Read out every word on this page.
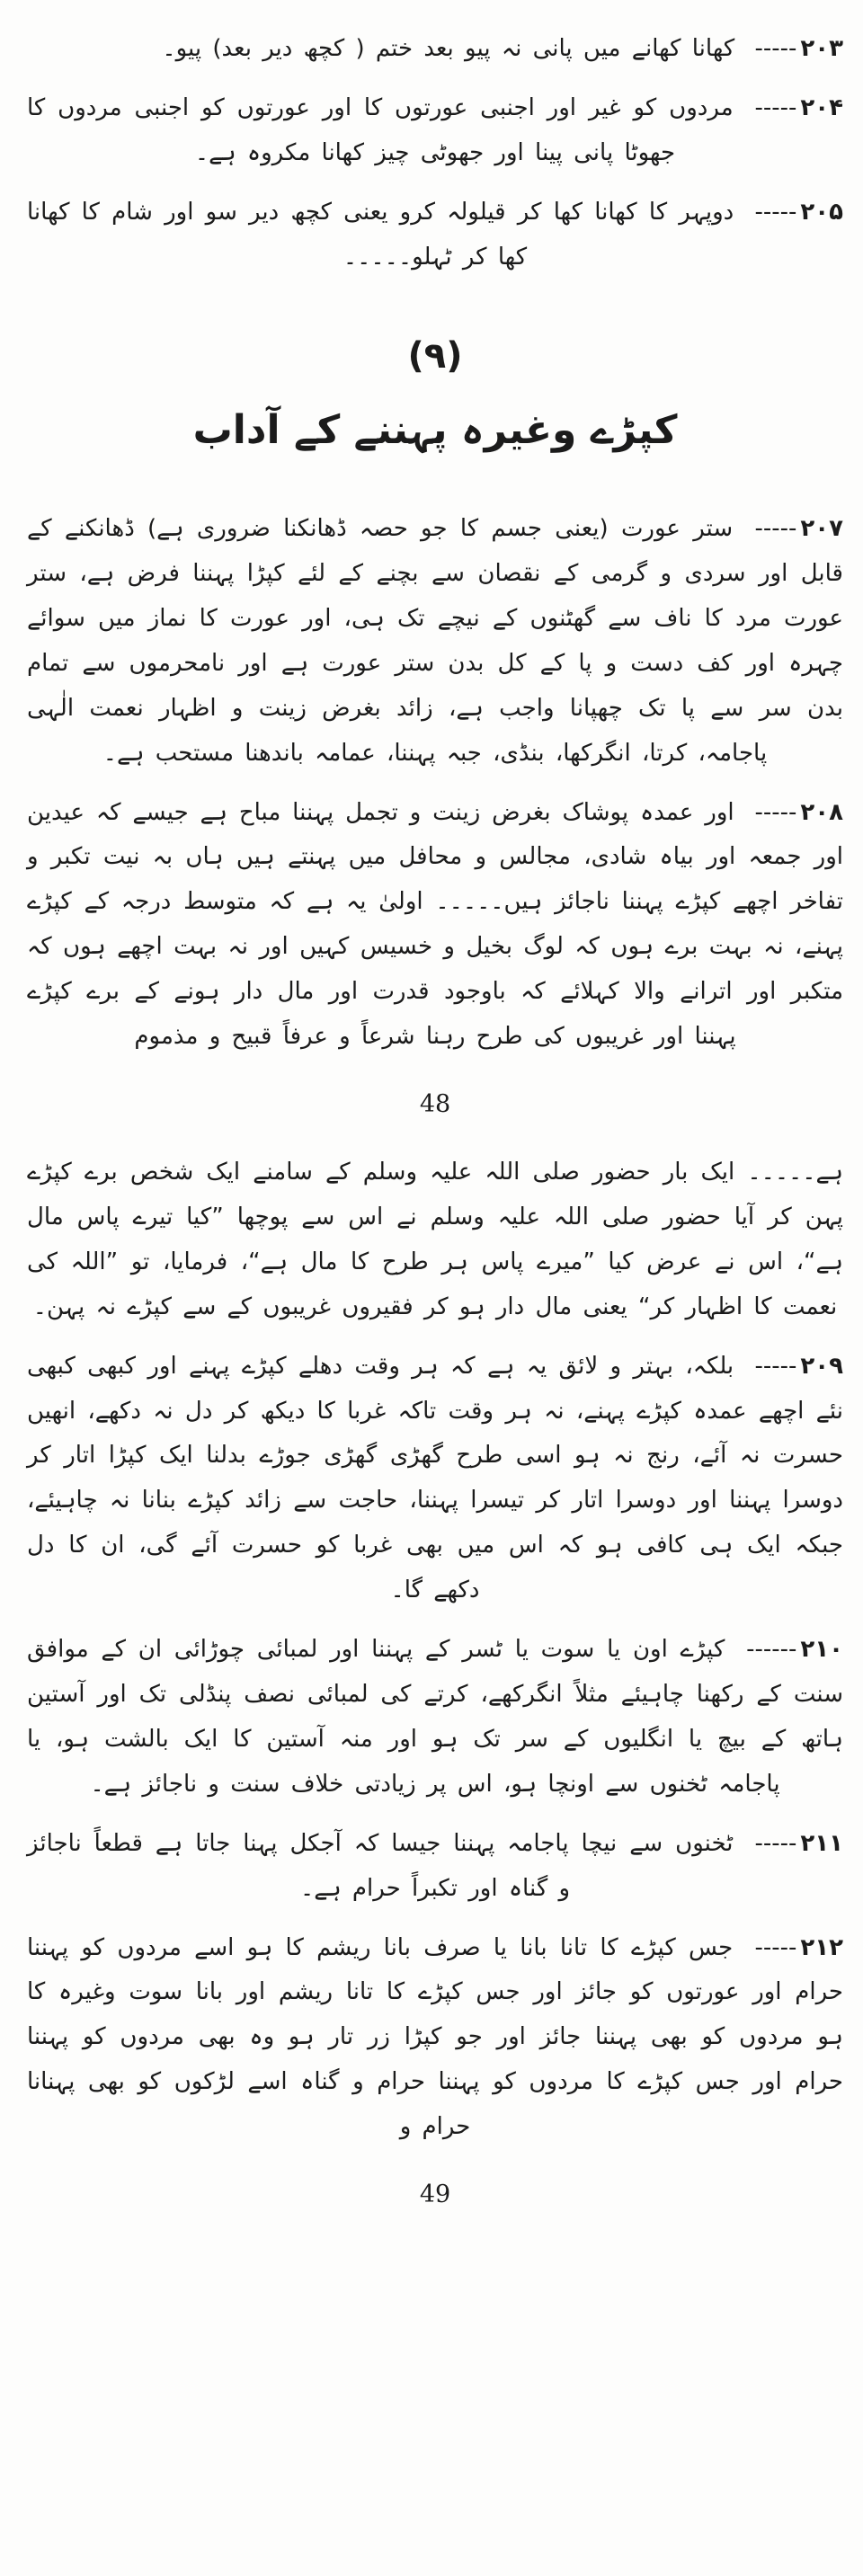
۲۰۳----- کھانا کھانے میں پانی نہ پیو بعد ختم ( کچھ دیر بعد) پیو۔

۲۰۴----- مردوں کو غیر اور اجنبی عورتوں کا اور عورتوں کو اجنبی مردوں کا جھوٹا پانی پینا اور جھوٹی چیز کھانا مکروہ ہے۔

۲۰۵----- دوپہر کا کھانا کھا کر قیلولہ کرو یعنی کچھ دیر سو اور شام کا کھانا کھا کر ٹہلو۔۔۔۔۔

(۹)
کپڑے وغیرہ پہننے کے آداب

۲۰۷----- ستر عورت (یعنی جسم کا جو حصہ ڈھانکنا ضروری ہے) ڈھانکنے کے قابل اور سردی و گرمی کے نقصان سے بچنے کے لئے کپڑا پہننا فرض ہے، ستر عورت مرد کا ناف سے گھٹنوں کے نیچے تک ہی، اور عورت کا نماز میں سوائے چہرہ اور کف دست و پا کے کل بدن ستر عورت ہے اور نامحرموں سے تمام بدن سر سے پا تک چھپانا واجب ہے، زائد بغرض زینت و اظہار نعمت الٰہی پاجامہ، کرتا، انگرکھا، بنڈی، جبہ پہننا، عمامہ باندھنا مستحب ہے۔

۲۰۸----- اور عمدہ پوشاک بغرض زینت و تجمل پہننا مباح ہے جیسے کہ عیدین اور جمعہ اور بیاہ شادی، مجالس و محافل میں پہنتے ہیں ہاں بہ نیت تکبر و تفاخر اچھے کپڑے پہننا ناجائز ہیں۔۔۔۔۔ اولیٰ یہ ہے کہ متوسط درجہ کے کپڑے پہنے، نہ بہت برے ہوں کہ لوگ بخیل و خسیس کہیں اور نہ بہت اچھے ہوں کہ متکبر اور اترانے والا کہلائے کہ باوجود قدرت اور مال دار ہونے کے برے کپڑے پہننا اور غریبوں کی طرح رہنا شرعاً و عرفاً قبیح و مذموم

48

ہے۔۔۔۔۔ ایک بار حضور صلی اللہ علیہ وسلم کے سامنے ایک شخص برے کپڑے پہن کر آیا حضور صلی اللہ علیہ وسلم نے اس سے پوچھا ”کیا تیرے پاس مال ہے“، اس نے عرض کیا ”میرے پاس ہر طرح کا مال ہے“، فرمایا، تو ”اللہ کی نعمت کا اظہار کر“ یعنی مال دار ہو کر فقیروں غریبوں کے سے کپڑے نہ پہن۔

۲۰۹----- بلکہ، بہتر و لائق یہ ہے کہ ہر وقت دھلے کپڑے پہنے اور کبھی کبھی نئے اچھے عمدہ کپڑے پہنے، نہ ہر وقت تاکہ غربا کا دیکھ کر دل نہ دکھے، انھیں حسرت نہ آئے، رنج نہ ہو اسی طرح گھڑی گھڑی جوڑے بدلنا ایک کپڑا اتار کر دوسرا پہننا اور دوسرا اتار کر تیسرا پہننا، حاجت سے زائد کپڑے بنانا نہ چاہیئے، جبکہ ایک ہی کافی ہو کہ اس میں بھی غربا کو حسرت آئے گی، ان کا دل دکھے گا۔

۲۱۰------ کپڑے اون یا سوت یا ٹسر کے پہننا اور لمبائی چوڑائی ان کے موافق سنت کے رکھنا چاہیئے مثلاً انگرکھے، کرتے کی لمبائی نصف پنڈلی تک اور آستین ہاتھ کے بیچ یا انگلیوں کے سر تک ہو اور منہ آستین کا ایک بالشت ہو، یا پاجامہ ٹخنوں سے اونچا ہو، اس پر زیادتی خلاف سنت و ناجائز ہے۔

۲۱۱----- ٹخنوں سے نیچا پاجامہ پہننا جیسا کہ آجکل پہنا جاتا ہے قطعاً ناجائز و گناہ اور تکبراً حرام ہے۔

۲۱۲----- جس کپڑے کا تانا بانا یا صرف بانا ریشم کا ہو اسے مردوں کو پہننا حرام اور عورتوں کو جائز اور جس کپڑے کا تانا ریشم اور بانا سوت وغیرہ کا ہو مردوں کو بھی پہننا جائز اور جو کپڑا زر تار ہو وہ بھی مردوں کو پہننا حرام اور جس کپڑے کا مردوں کو پہننا حرام و گناہ اسے لڑکوں کو بھی پہنانا حرام و

49
